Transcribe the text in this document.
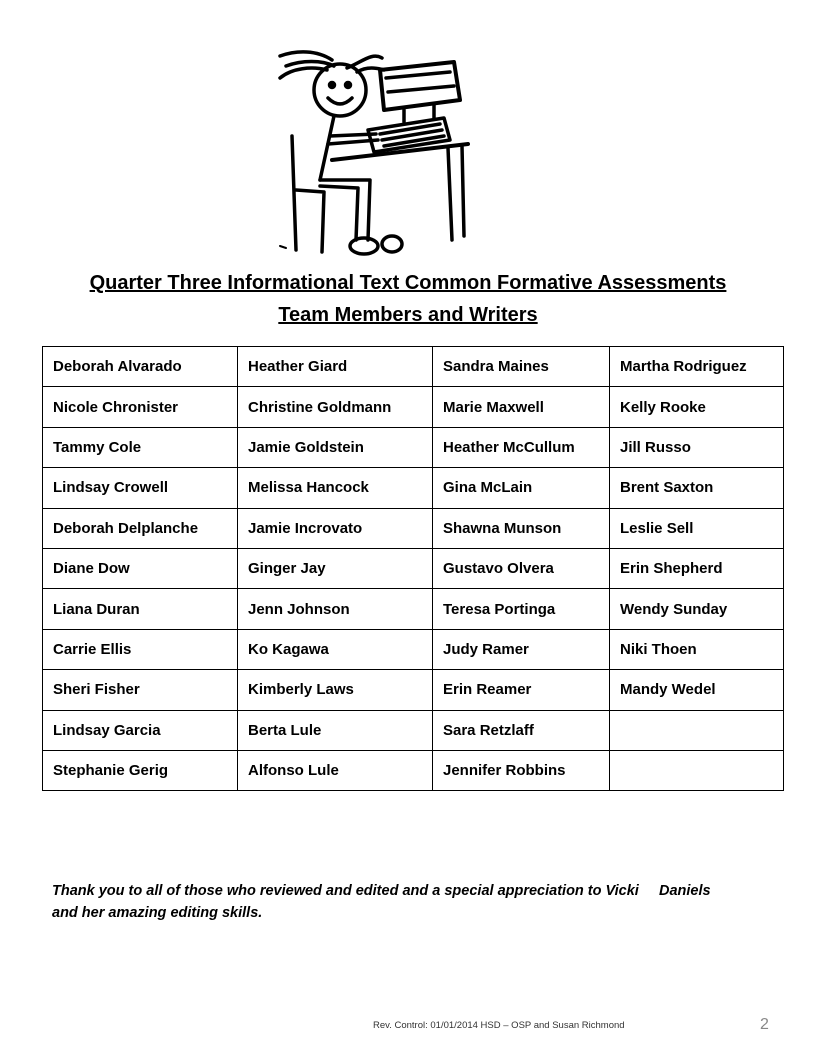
Quarter Three Informational Text Common Formative Assessments
Team Members and Writers
Deborah Alvarado	Heather Giard	Sandra Maines	Martha Rodriguez
Nicole Chronister	Christine Goldmann	Marie Maxwell	Kelly Rooke
Tammy Cole	Jamie Goldstein	Heather McCullum	Jill Russo
Lindsay Crowell	Melissa Hancock	Gina McLain	Brent Saxton
Deborah Delplanche	Jamie Incrovato	Shawna Munson	Leslie Sell
Diane Dow	Ginger Jay	Gustavo Olvera	Erin Shepherd
Liana Duran	Jenn Johnson	Teresa Portinga	Wendy Sunday
Carrie Ellis	Ko Kagawa	Judy Ramer	Niki Thoen
Sheri Fisher	Kimberly Laws	Erin Reamer	Mandy Wedel
Lindsay Garcia	Berta Lule	Sara Retzlaff	
Stephanie Gerig	Alfonso Lule	Jennifer Robbins	
Thank you to all of those who reviewed and edited and a special appreciation to Vicki     Daniels
and her amazing editing skills.
Rev. Control: 01/01/2014 HSD – OSP and Susan Richmond	2
